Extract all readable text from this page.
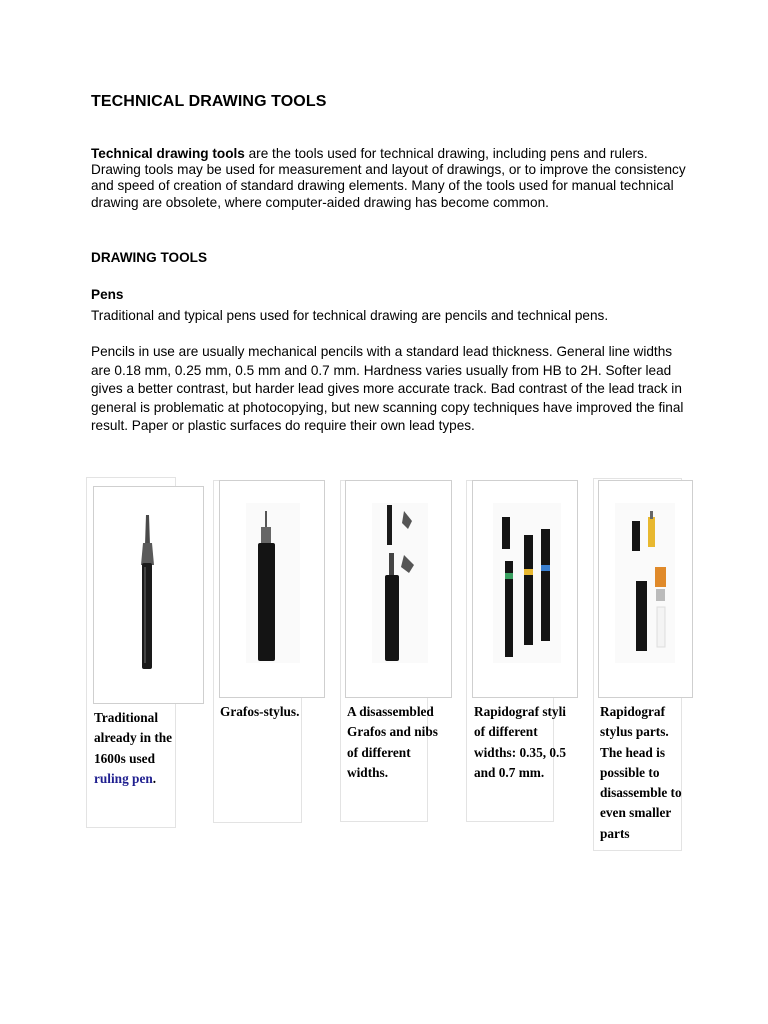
TECHNICAL DRAWING TOOLS

Technical drawing tools are the tools used for technical drawing, including pens and rulers. Drawing tools may be used for measurement and layout of drawings, or to improve the consistency and speed of creation of standard drawing elements. Many of the tools used for manual technical drawing are obsolete, where computer-aided drawing has become common.

DRAWING TOOLS
Pens

Traditional and typical pens used for technical drawing are pencils and technical pens.

Pencils in use are usually mechanical pencils with a standard lead thickness. General line widths are 0.18 mm, 0.25 mm, 0.5 mm and 0.7 mm. Hardness varies usually from HB to 2H. Softer lead gives a better contrast, but harder lead gives more accurate track. Bad contrast of the lead track in general is problematic at photocopying, but new scanning copy techniques have improved the final result. Paper or plastic surfaces do require their own lead types.

Traditional already in the 1600s used ruling pen.

Grafos-stylus.	A disassembled Grafos and nibs of different widths.

Rapidograf styli of different widths: 0.35, 0.5 and 0.7 mm.

Rapidograf stylus parts. The head is possible to disassemble to even smaller parts
